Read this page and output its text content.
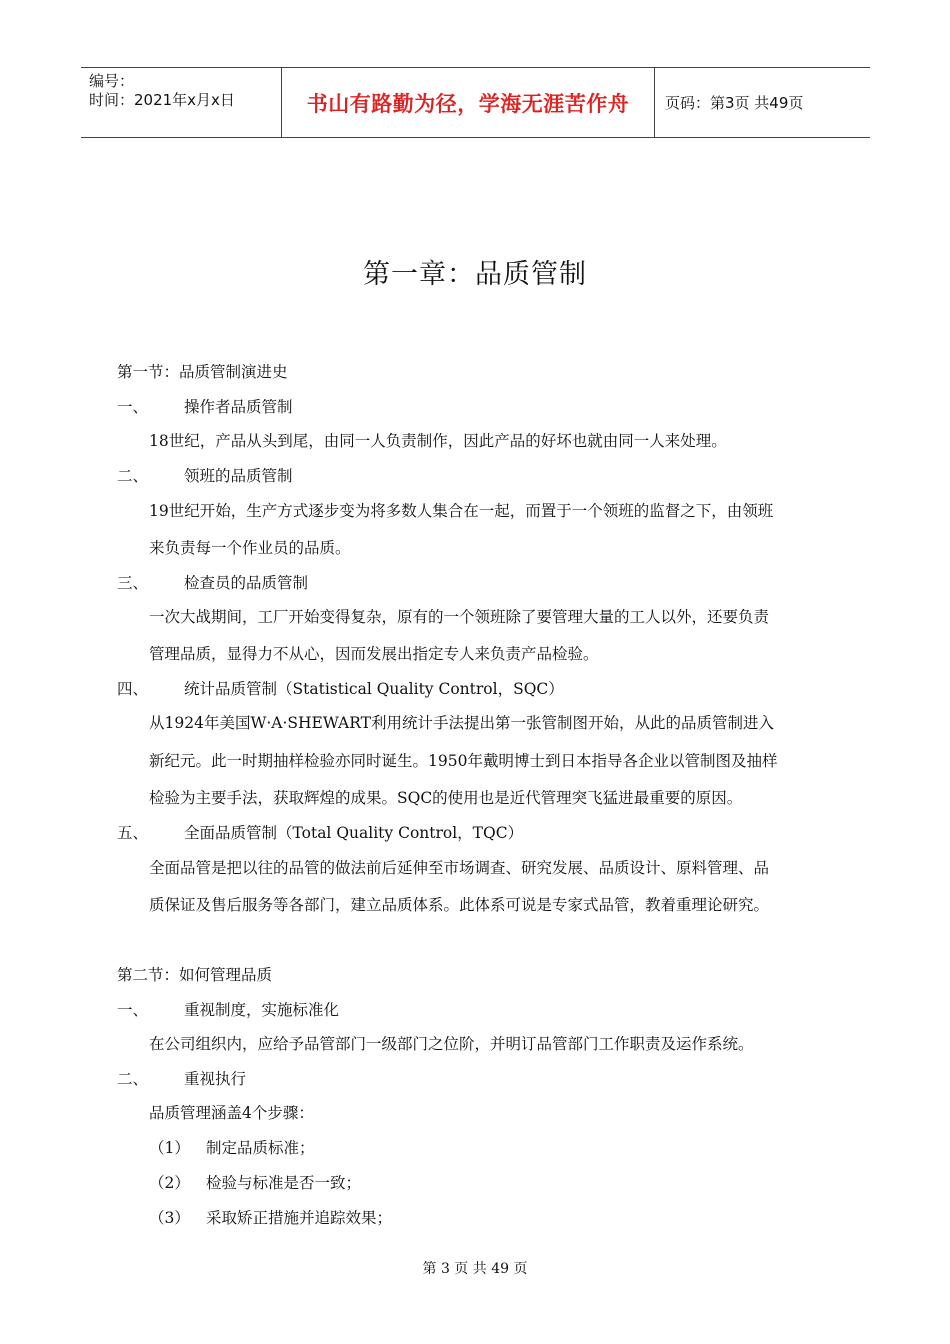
编号：
时间：2021年x月x日	书山有路勤为径，学海无涯苦作舟	页码：第3页 共49页
第一章：品质管制
第一节：品质管制演进史
一、 操作者品质管制
18世纪，产品从头到尾，由同一人负责制作，因此产品的好坏也就由同一人来处理。
二、 领班的品质管制
19世纪开始，生产方式逐步变为将多数人集合在一起，而置于一个领班的监督之下，由领班
来负责每一个作业员的品质。
三、 检查员的品质管制
一次大战期间，工厂开始变得复杂，原有的一个领班除了要管理大量的工人以外，还要负责
管理品质，显得力不从心，因而发展出指定专人来负责产品检验。
四、 统计品质管制（Statistical Quality Control，SQC）
从1924年美国W·A·SHEWART利用统计手法提出第一张管制图开始，从此的品质管制进入
新纪元。此一时期抽样检验亦同时诞生。1950年戴明博士到日本指导各企业以管制图及抽样
检验为主要手法，获取辉煌的成果。SQC的使用也是近代管理突飞猛进最重要的原因。
五、 全面品质管制（Total Quality Control，TQC）
全面品管是把以往的品管的做法前后延伸至市场调查、研究发展、品质设计、原料管理、品
质保证及售后服务等各部门，建立品质体系。此体系可说是专家式品管，教着重理论研究。
第二节：如何管理品质
一、 重视制度，实施标准化
在公司组织内，应给予品管部门一级部门之位阶，并明订品管部门工作职责及运作系统。
二、 重视执行
品质管理涵盖4个步骤：
（1） 制定品质标准；
（2） 检验与标准是否一致；
（3） 采取矫正措施并追踪效果；
第 3 页 共 49 页
